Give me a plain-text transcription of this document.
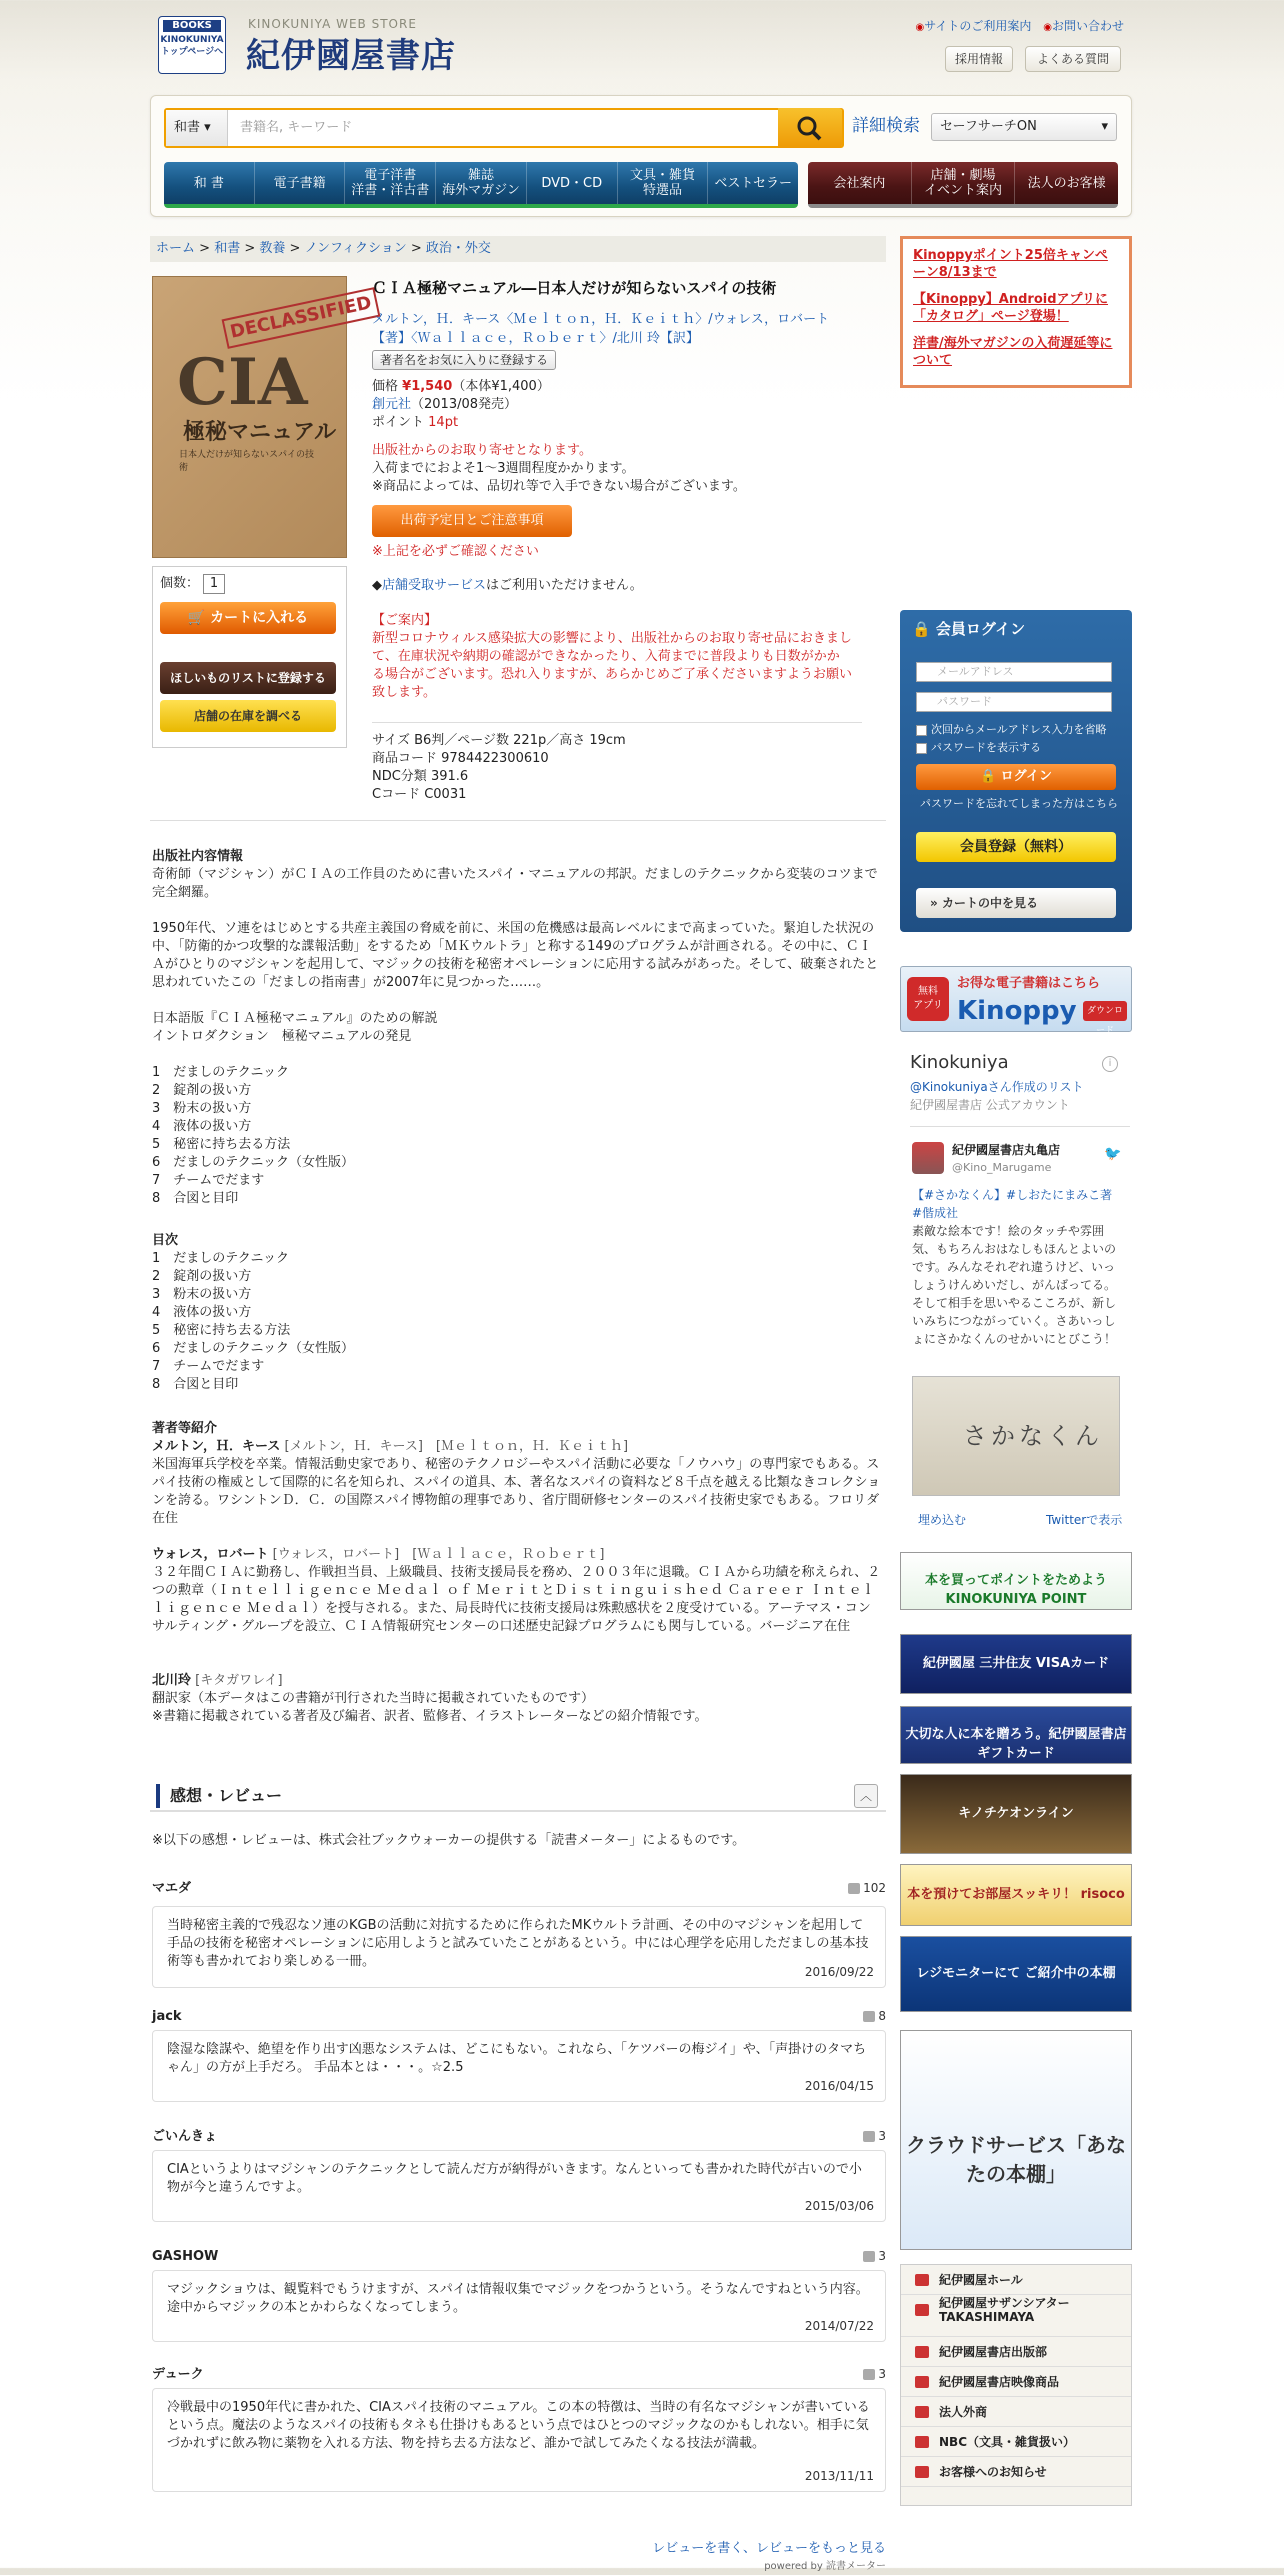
BOOKS
KINOKUNIYA
トップページへ
KINOKUNIYA WEB STORE
紀伊國屋書店
◉サイトのご利用案内 ◉お問い合わせ
採用情報	よくある質問
和書 ▾	書籍名, キーワード	詳細検索	セーフサーチON	▾
和 書	電子書籍	電子洋書
洋書・洋古書
雑誌
海外マガジン	DVD・CD	文具・雑貨
特選品	ベストセラー	会社案内	店舗・劇場
イベント案内	法人のお客様
ホーム > 和書 > 教養 > ノンフィクション > 政治・外交
DECLASSIFIED
CIA
極秘マニュアル
日本人だけが知らないスパイの技術
個数： 1
🛒 カートに入れる
ほしいものリストに登録する
店舗の在庫を調べる
ＣＩＡ極秘マニュアル―日本人だけが知らないスパイの技術
メルトン，Ｈ．キース〈Ｍｅｌｔｏｎ，Ｈ．Ｋｅｉｔｈ〉/ウォレス，ロバート【著】〈Ｗａｌｌａｃｅ，Ｒｏｂｅｒｔ〉/北川 玲【訳】
著者名をお気に入りに登録する
価格 ¥1,540（本体¥1,400）
創元社（2013/08発売）
ポイント 14pt
出版社からのお取り寄せとなります。
入荷までにおよそ1～3週間程度かかります。
※商品によっては、品切れ等で入手できない場合がございます。
出荷予定日とご注意事項
※上記を必ずご確認ください
◆店舗受取サービスはご利用いただけません。
【ご案内】
新型コロナウィルス感染拡大の影響により、出版社からのお取り寄せ品におきまして、在庫状況や納期の確認ができなかったり、入荷までに普段よりも日数がかかる場合がございます。恐れ入りますが、あらかじめご了承くださいますようお願い致します。
サイズ B6判／ページ数 221p／高さ 19cm
商品コード 9784422300610
NDC分類 391.6
Cコード C0031
出版社内容情報
奇術師（マジシャン）がＣＩＡの工作員のために書いたスパイ・マニュアルの邦訳。だましのテクニックから変装のコツまで完全網羅。
1950年代、ソ連をはじめとする共産主義国の脅威を前に、米国の危機感は最高レベルにまで高まっていた。緊迫した状況の中、「防衛的かつ攻撃的な諜報活動」をするため「ＭＫウルトラ」と称する149のプログラムが計画される。その中に、ＣＩＡがひとりのマジシャンを起用して、マジックの技術を秘密オペレーションに応用する試みがあった。そして、破棄されたと思われていたこの「だましの指南書」が2007年に見つかった……。
日本語版『ＣＩＡ極秘マニュアル』のための解説
イントロダクション　極秘マニュアルの発見
1　だましのテクニック
2　錠剤の扱い方
3　粉末の扱い方
4　液体の扱い方
5　秘密に持ち去る方法
6　だましのテクニック（女性版）
7　チームでだます
8　合図と目印
目次
1　だましのテクニック
2　錠剤の扱い方
3　粉末の扱い方
4　液体の扱い方
5　秘密に持ち去る方法
6　だましのテクニック（女性版）
7　チームでだます
8　合図と目印
著者等紹介
メルトン，Ｈ．キース [メルトン，Ｈ．キース]　[Ｍｅｌｔｏｎ，Ｈ．Ｋｅｉｔｈ]
米国海軍兵学校を卒業。情報活動史家であり、秘密のテクノロジーやスパイ活動に必要な「ノウハウ」の専門家でもある。スパイ技術の権威として国際的に名を知られ、スパイの道具、本、著名なスパイの資料など８千点を越える比類なきコレクションを誇る。ワシントンＤ．Ｃ．の国際スパイ博物館の理事であり、省庁間研修センターのスパイ技術史家でもある。フロリダ在住
ウォレス，ロバート [ウォレス，ロバート]　[Ｗａｌｌａｃｅ，Ｒｏｂｅｒｔ]
３２年間ＣＩＡに勤務し、作戦担当員、上級職員、技術支援局長を務め、２００３年に退職。ＣＩＡから功績を称えられ、２つの勲章（Ｉｎｔｅｌｌｉｇｅｎｃｅ Ｍｅｄａｌ ｏｆ ＭｅｒｉｔとＤｉｓｔｉｎｇｕｉｓｈｅｄ Ｃａｒｅｅｒ Ｉｎｔｅｌｌｉｇｅｎｃｅ Ｍｅｄａｌ）を授与される。また、局長時代に技術支援局は殊勲感状を２度受けている。アーテマス・コンサルティング・グループを設立、ＣＩＡ情報研究センターの口述歴史記録プログラムにも関与している。バージニア在住
北川玲 [キタガワレイ]
翻訳家（本データはこの書籍が刊行された当時に掲載されていたものです）
※書籍に掲載されている著者及び編者、訳者、監修者、イラストレーターなどの紹介情報です。
感想・レビュー	︿
※以下の感想・レビューは、株式会社ブックウォーカーの提供する「読書メーター」によるものです。
マエダ	102
当時秘密主義的で残忍なソ連のKGBの活動に対抗するために作られたMKウルトラ計画、その中のマジシャンを起用して手品の技術を秘密オペレーションに応用しようと試みていたことがあるという。中には心理学を応用しただましの基本技術等も書かれており楽しめる一冊。
2016/09/22
jack	8
陰湿な陰謀や、絶望を作り出す凶悪なシステムは、どこにもない。これなら、「ケツバーの梅ジイ」や、「声掛けのタマちゃん」の方が上手だろ。 手品本とは・・・。☆2.5
2016/04/15
ごいんきょ	3
CIAというよりはマジシャンのテクニックとして読んだ方が納得がいきます。なんといっても書かれた時代が古いので小物が今と違うんですよ。
2015/03/06
GASHOW	3
マジックショウは、観覧料でもうけますが、スパイは情報収集でマジックをつかうという。そうなんですねという内容。途中からマジックの本とかわらなくなってしまう。
2014/07/22
デューク	3
冷戦最中の1950年代に書かれた、CIAスパイ技術のマニュアル。この本の特徴は、当時の有名なマジシャンが書いているという点。魔法のようなスパイの技術もタネも仕掛けもあるという点ではひとつのマジックなのかもしれない。相手に気づかれずに飲み物に薬物を入れる方法、物を持ち去る方法など、誰かで試してみたくなる技法が満載。
2013/11/11
レビューを書く、レビューをもっと見る
powered by 読書メーター
Kinoppyポイント25倍キャンペーン8/13まで
【Kinoppy】Androidアプリに「カタログ」ページ登場！
洋書/海外マガジンの入荷遅延等について
🔒 会員ログイン
メールアドレス
パスワード
次回からメールアドレス入力を省略
パスワードを表示する
🔒 ログイン
パスワードを忘れてしまった方はこちら
会員登録（無料）
» カートの中を見る
無料
アプリ
お得な電子書籍はこちら
Kinoppy	ダウンロード
Kinokuniya	i
@Kinokuniyaさん作成のリスト
紀伊國屋書店 公式アカウント
紀伊國屋書店丸亀店
@Kino_Marugame
🐦
【#さかなくん】#しおたにまみこ著　#偕成社
素敵な絵本です！絵のタッチや雰囲気、もちろんおはなしもほんとよいのです。みんなそれぞれ違うけど、いっしょうけんめいだし、がんばってる。そして相手を思いやるこころが、新しいみちにつながっていく。さあいっしょにさかなくんのせかいにとびこう！
さかなくん
埋め込む	Twitterで表示
本を買ってポイントをためよう KINOKUNIYA POINT
紀伊國屋 三井住友 VISAカード
大切な人に本を贈ろう。紀伊國屋書店ギフトカード
キノチケオンライン
本を預けてお部屋スッキリ！ risoco
レジモニターにて ご紹介中の本棚
クラウドサービス「あなたの本棚」
紀伊國屋ホール
紀伊國屋サザンシアター TAKASHIMAYA
紀伊國屋書店出版部
紀伊國屋書店映像商品
法人外商
NBC（文具・雑貨扱い）
お客様へのお知らせ
